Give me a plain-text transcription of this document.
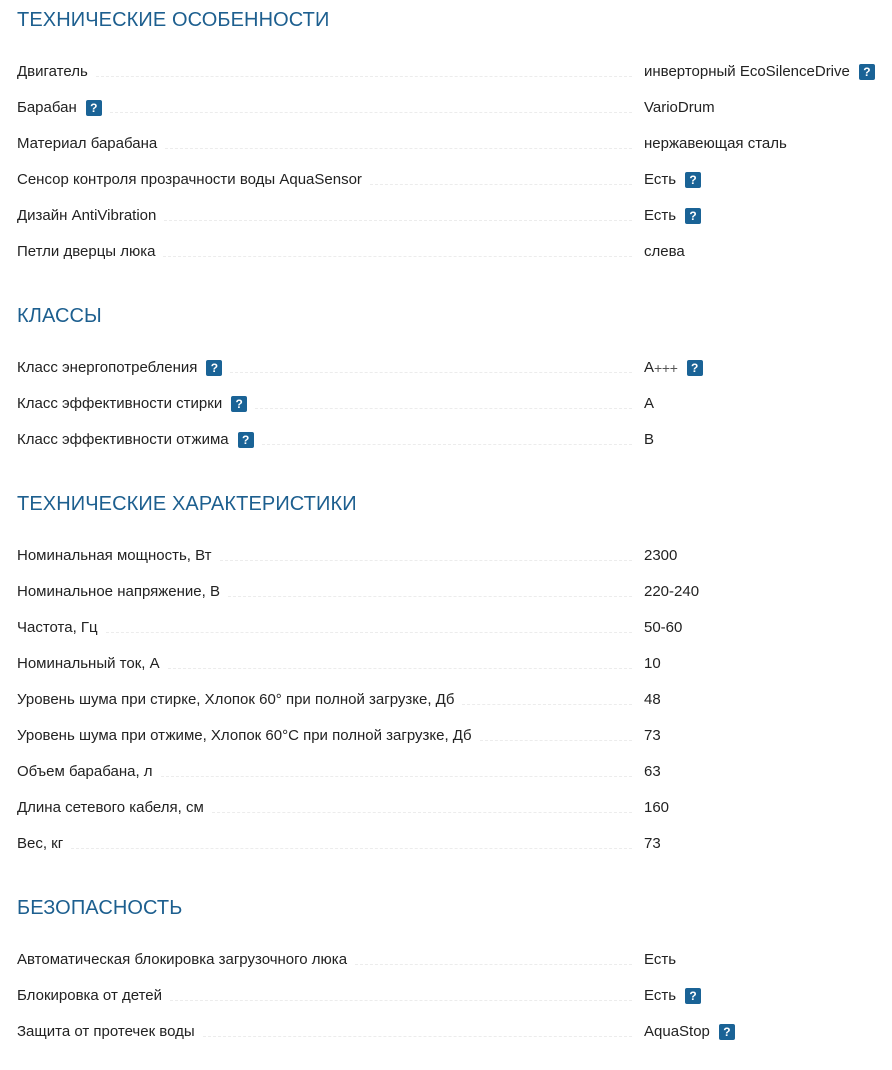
ТЕХНИЧЕСКИЕ ОСОБЕННОСТИ
Двигатель	инверторный EcoSilenceDrive	?
Барабан	?	VarioDrum
Материал барабана	нержавеющая сталь
Сенсор контроля прозрачности воды AquaSensor	Есть	?
Дизайн AntiVibration	Есть	?
Петли дверцы люка	слева
КЛАССЫ
Класс энергопотребления	?	A +++	?
Класс эффективности стирки	?	A
Класс эффективности отжима	?	B
ТЕХНИЧЕСКИЕ ХАРАКТЕРИСТИКИ
Номинальная мощность, Вт	2300
Номинальное напряжение, В	220-240
Частота, Гц	50-60
Номинальный ток, А	10
Уровень шума при стирке, Хлопок 60° при полной загрузке, Дб	48
Уровень шума при отжиме, Хлопок 60°C при полной загрузке, Дб	73
Объем барабана, л	63
Длина сетевого кабеля, см	160
Вес, кг	73
БЕЗОПАСНОСТЬ
Автоматическая блокировка загрузочного люка	Есть
Блокировка от детей	Есть	?
Защита от протечек воды	AquaStop	?
